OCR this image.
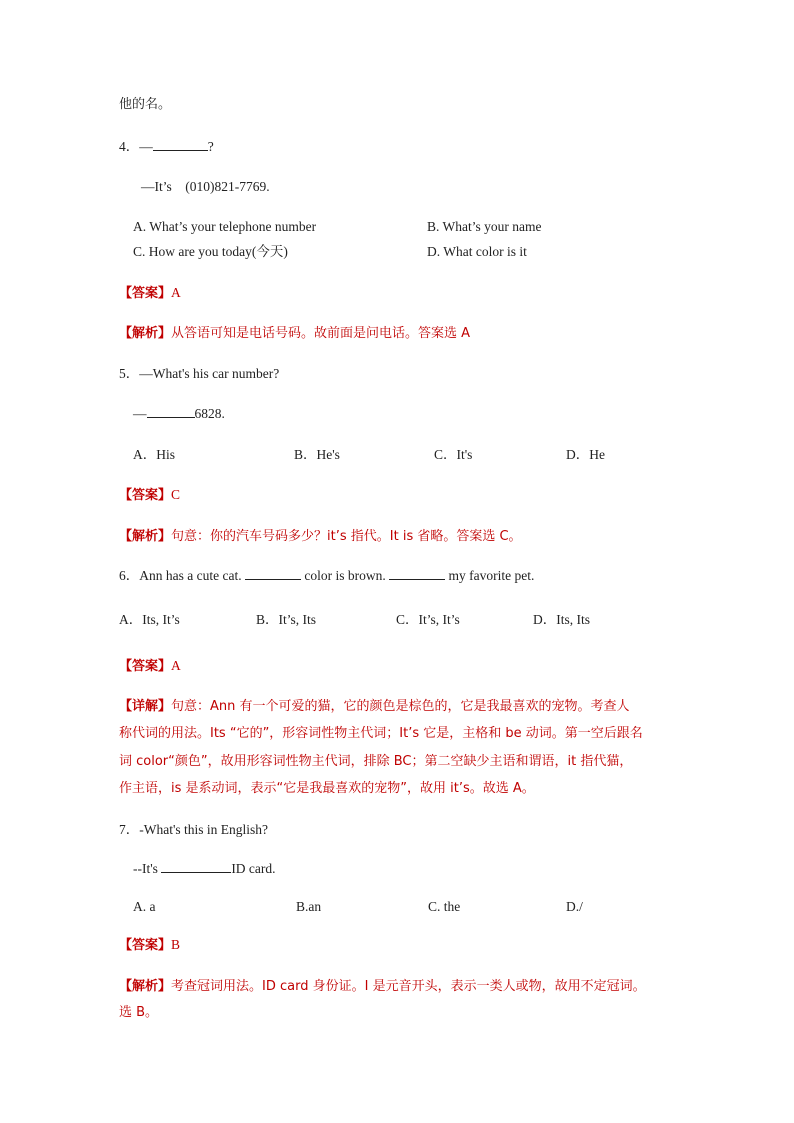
他的名。
4．—	?
—It’s　(010)821-7769.
A. What’s your telephone number	B. What’s your name
C. How are you today(今天)	D. What color is it
【答案】A
【解析】从答语可知是电话号码。故前面是问电话。答案选 A
5．—What's his car number?
—	6828.
A．His	B．He's	C．It's	D．He
【答案】C
【解析】句意：你的汽车号码多少？it’s 指代。It is 省略。答案选 C。
6．Ann has a cute cat.	color is brown.	my favorite pet.
A．Its, It’s	B．It’s, Its	C．It’s, It’s	D．Its, Its
【答案】A
【详解】句意：Ann 有一个可爱的猫，它的颜色是棕色的，它是我最喜欢的宠物。考查人
称代词的用法。Its “它的”，形容词性物主代词；It’s 它是，主格和 be 动词。第一空后跟名
词 color“颜色”，故用形容词性物主代词，排除 BC；第二空缺少主语和谓语，it 指代猫，
作主语，is 是系动词，表示“它是我最喜欢的宠物”，故用 it’s。故选 A。
7．-What's this in English?
--It's	ID card.
A. a	B.an	C. the	D./
【答案】B
【解析】考查冠词用法。ID card 身份证。I 是元音开头，表示一类人或物，故用不定冠词。
选 B。
